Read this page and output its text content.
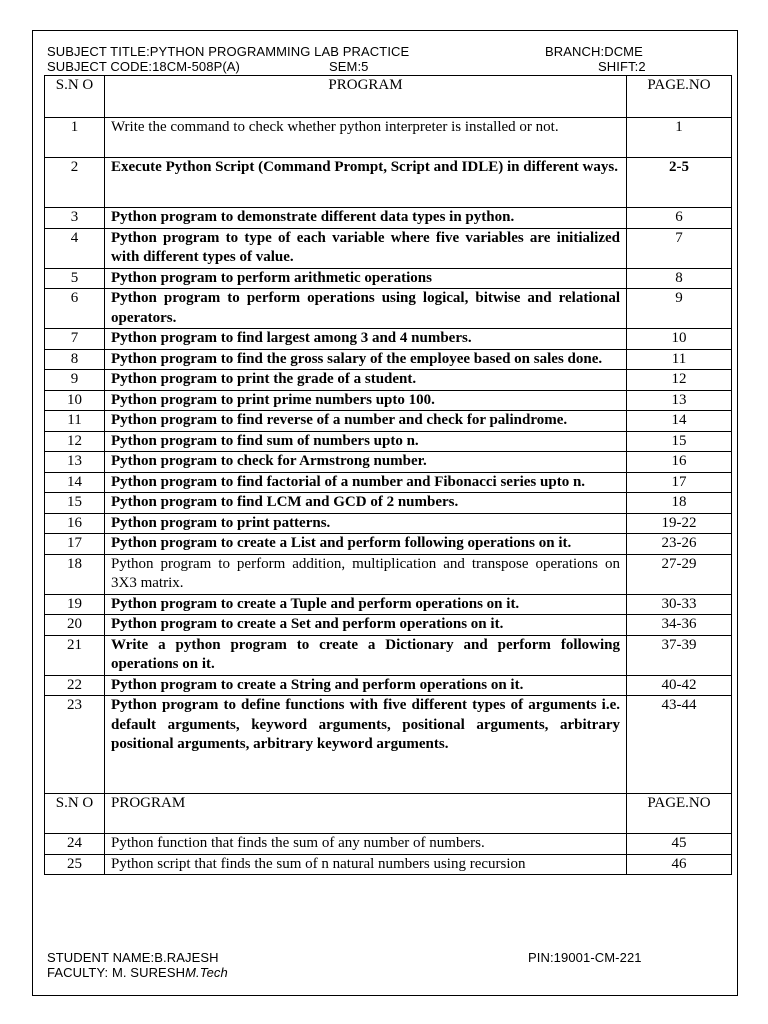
SUBJECT TITLE:PYTHON PROGRAMMING LAB PRACTICE	BRANCH:DCME
SUBJECT CODE:18CM-508P(A)	SEM:5	SHIFT:2
S.N O	PROGRAM	PAGE.NO
1	Write the command to check whether python interpreter is installed or not.	1
2	Execute Python Script (Command Prompt, Script and IDLE) in different ways.	2-5
3	Python program to demonstrate different data types in python.	6
4	Python program to type of each variable where five variables are initialized with different types of value.	7
5	Python program to perform arithmetic operations	8
6	Python program to perform operations using logical, bitwise and relational operators.	9
7	Python program to find largest among 3 and 4 numbers.	10
8	Python program to find the gross salary of the employee based on sales done.	11
9	Python program to print the grade of a student.	12
10	Python program to print prime numbers upto 100.	13
11	Python program to find reverse of a number and check for palindrome.	14
12	Python program to find sum of numbers upto n.	15
13	Python program to check for Armstrong number.	16
14	Python program to find factorial of a number and Fibonacci series upto n.	17
15	Python program to find LCM and GCD of 2 numbers.	18
16	Python program to print patterns.	19-22
17	Python program to create a List and perform following operations on it.	23-26
18	Python program to perform addition, multiplication and transpose operations on 3X3 matrix.	27-29
19	Python program to create a Tuple and perform operations on it.	30-33
20	Python program to create a Set and perform operations on it.	34-36
21	Write a python program to create a Dictionary and perform following operations on it.	37-39
22	Python program to create a String and perform operations on it.	40-42
23	Python program to define functions with five different types of arguments i.e. default arguments, keyword arguments, positional arguments, arbitrary positional arguments, arbitrary keyword arguments.	43-44
S.N O	PROGRAM	PAGE.NO
24	Python function that finds the sum of any number of numbers.	45
25	Python script that finds the sum of n natural numbers using recursion	46
STUDENT NAME:B.RAJESH	PIN:19001-CM-221
FACULTY: M. SURESHM.Tech
